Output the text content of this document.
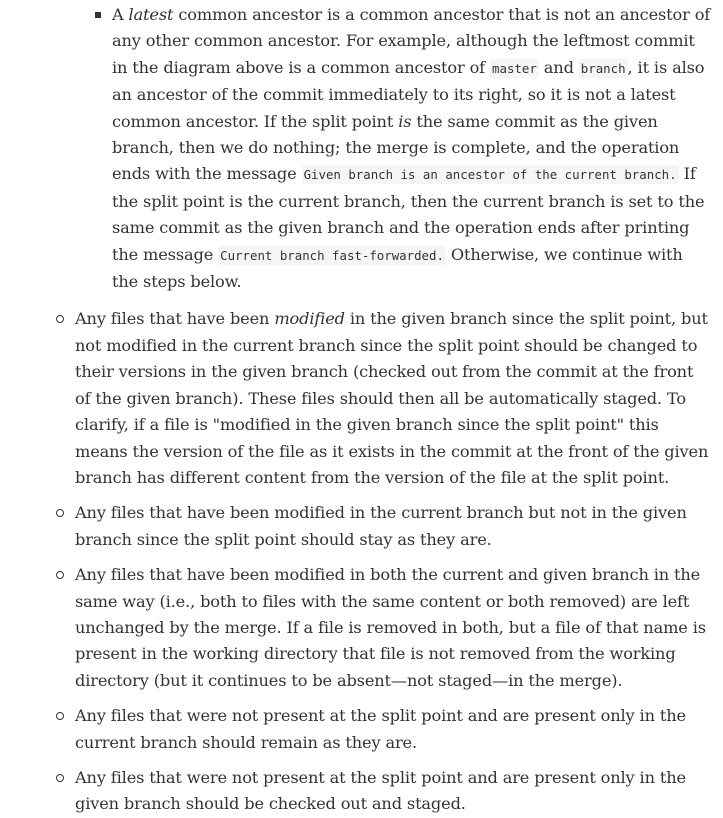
A latest common ancestor is a common ancestor that is not an ancestor of any other common ancestor. For example, although the leftmost commit in the diagram above is a common ancestor of master and branch , it is also an ancestor of the commit immediately to its right, so it is not a latest common ancestor. If the split point is the same commit as the given branch, then we do nothing; the merge is complete, and the operation ends with the message Given branch is an ancestor of the current branch. If the split point is the current branch, then the current branch is set to the same commit as the given branch and the operation ends after printing the message Current branch fast-forwarded. Otherwise, we continue with the steps below.
Any files that have been modified in the given branch since the split point, but not modified in the current branch since the split point should be changed to their versions in the given branch (checked out from the commit at the front of the given branch). These files should then all be automatically staged. To clarify, if a file is "modified in the given branch since the split point" this means the version of the file as it exists in the commit at the front of the given branch has different content from the version of the file at the split point.
Any files that have been modified in the current branch but not in the given branch since the split point should stay as they are.
Any files that have been modified in both the current and given branch in the same way (i.e., both to files with the same content or both removed) are left unchanged by the merge. If a file is removed in both, but a file of that name is present in the working directory that file is not removed from the working directory (but it continues to be absent—not staged—in the merge).
Any files that were not present at the split point and are present only in the current branch should remain as they are.
Any files that were not present at the split point and are present only in the given branch should be checked out and staged.
